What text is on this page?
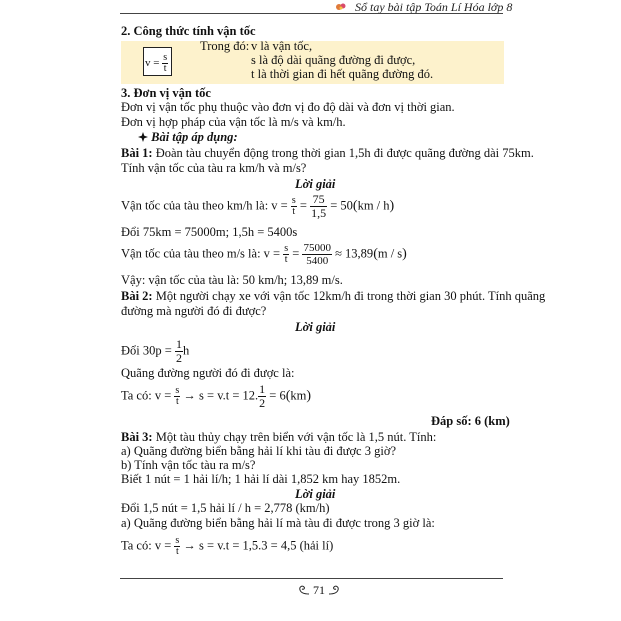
Sổ tay bài tập Toán Lí Hóa lớp 8
2. Công thức tính vận tốc
$v = \frac{s}{t}$
Trong đó: v là vận tốc,
s là độ dài quãng đường đi được,
t là thời gian đi hết quãng đường đó.
3. Đơn vị vận tốc
Đơn vị vận tốc phụ thuộc vào đơn vị đo độ dài và đơn vị thời gian.
Đơn vị hợp pháp của vận tốc là m/s và km/h.
Bài tập áp dụng:
Bài 1: Đoàn tàu chuyển động trong thời gian 1,5h đi được quãng đường dài 75km.
Tính vận tốc của tàu ra km/h và m/s?
Lời giải
Vận tốc của tàu theo km/h là: $v = \frac{s}{t} = \frac{75}{1,5} = 50(km / h)$
Đổi 75km = 75000m; 1,5h = 5400s
Vận tốc của tàu theo m/s là: $v = \frac{s}{t} = \frac{75000}{5400} \approx 13,89(m / s)$
Vậy: vận tốc của tàu là: 50 km/h; 13,89 m/s.
Bài 2: Một người chạy xe với vận tốc 12km/h đi trong thời gian 30 phút. Tính quãng
đường mà người đó đi được?
Lời giải
Đổi $30p = \frac{1}{2}$ h
Quãng đường người đó đi được là:
Ta có: $v = \frac{s}{t} \to s = v.t = 12$. $\frac{1}{2} = 6(km)$
Đáp số: 6 (km)
Bài 3: Một tàu thủy chạy trên biển với vận tốc là 1,5 nút. Tính:
a) Quãng đường biển bằng hải lí khi tàu đi được 3 giờ?
b) Tính vận tốc tàu ra m/s?
Biết 1 nút = 1 hải lí/h; 1 hải lí dài 1,852 km hay 1852m.
Lời giải
Đổi 1,5 nút = 1,5 hải lí / h = 2,778 (km/h)
a) Quãng đường biển bằng hải lí mà tàu đi được trong 3 giờ là:
Ta có: $v = \frac{s}{t} \to s = v.t = 1,5.3 = 4,5$ (hải lí)
71
